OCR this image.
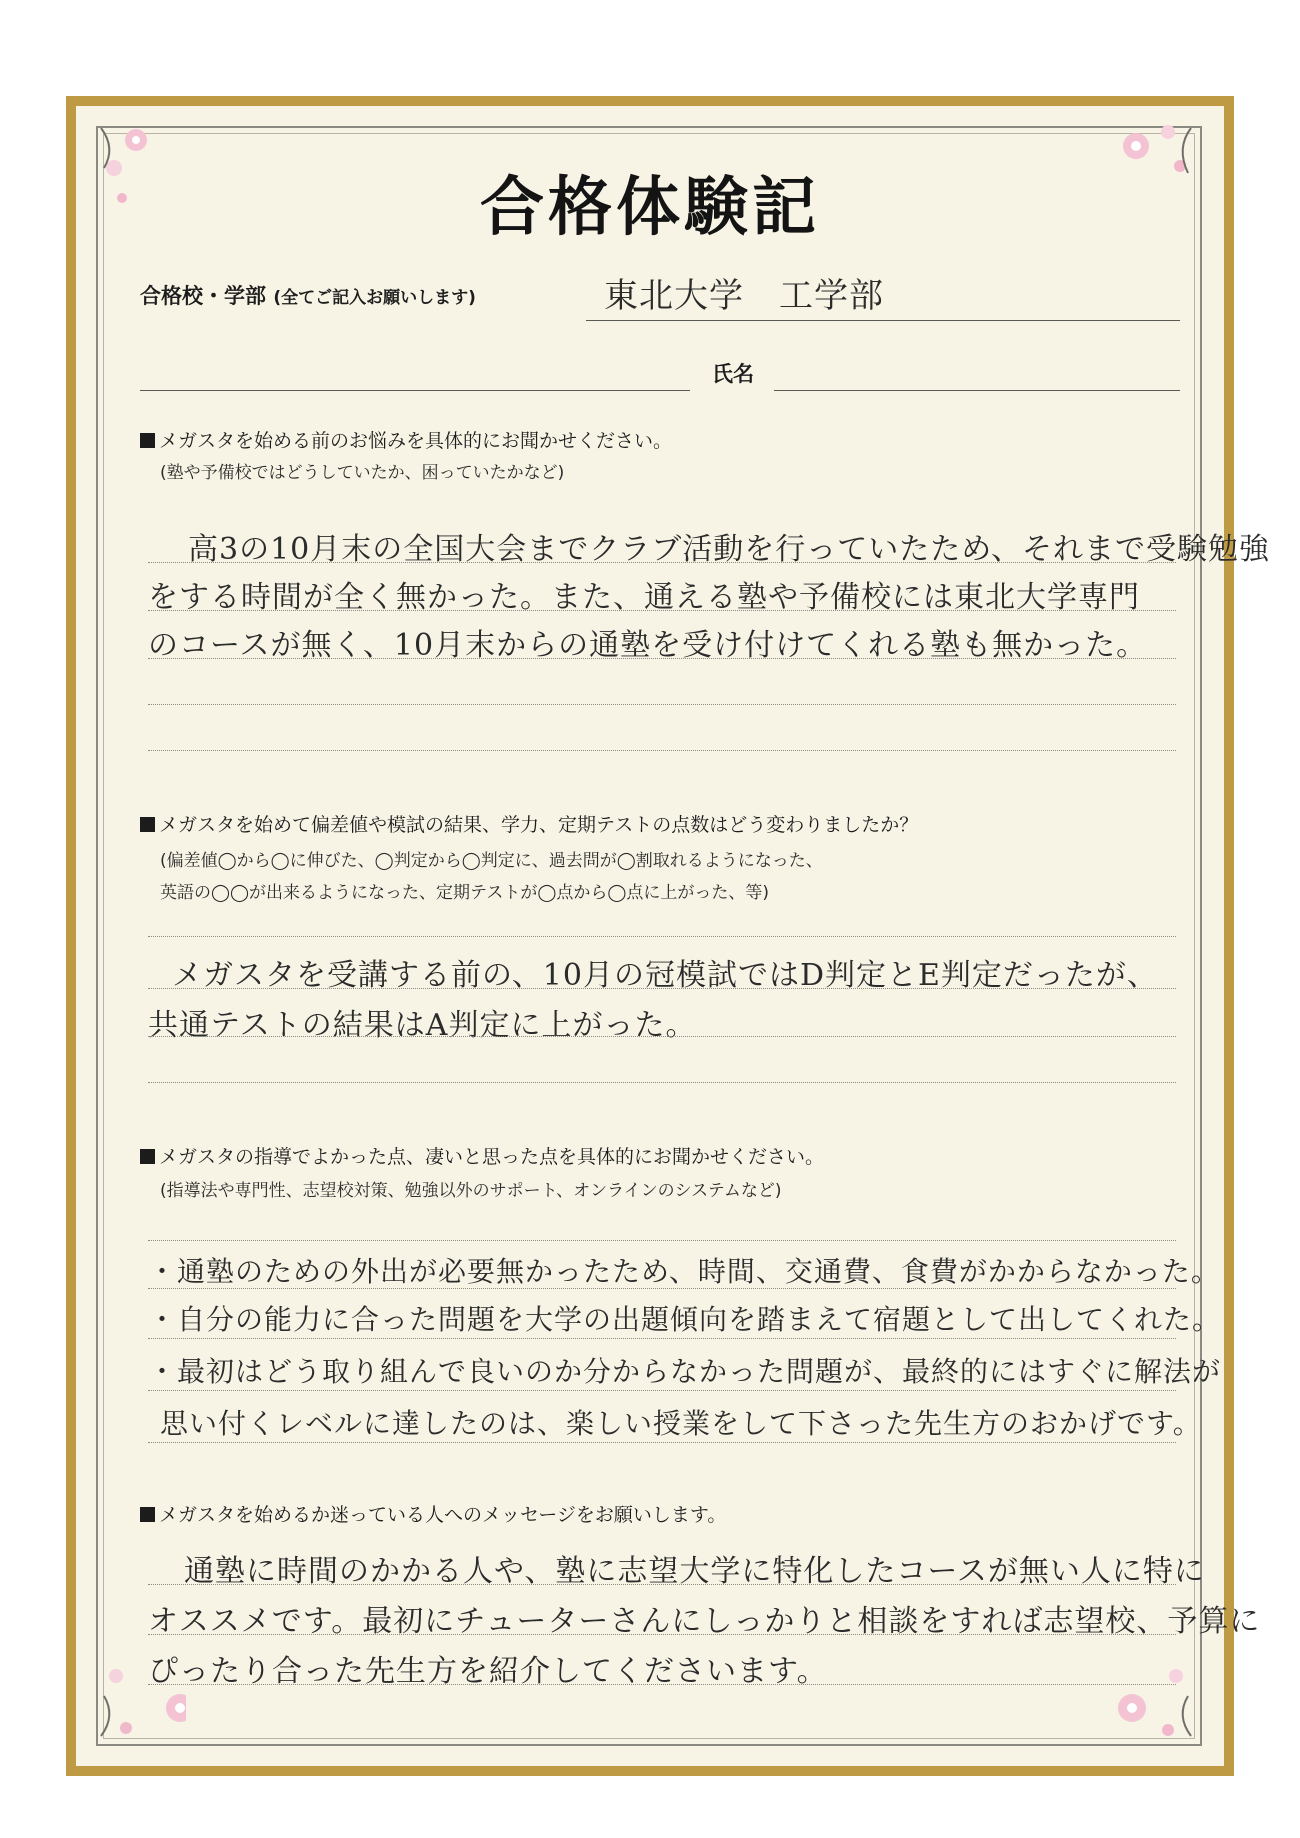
合格体験記
合格校・学部 (全てご記入お願いします)	東北大学　工学部
氏名
メガスタを始める前のお悩みを具体的にお聞かせください。
(塾や予備校ではどうしていたか、困っていたかなど)
高3の10月末の全国大会までクラブ活動を行っていたため、それまで受験勉強
をする時間が全く無かった。また、通える塾や予備校には東北大学専門
のコースが無く、10月末からの通塾を受け付けてくれる塾も無かった。
メガスタを始めて偏差値や模試の結果、学力、定期テストの点数はどう変わりましたか？
(偏差値◯から◯に伸びた、◯判定から◯判定に、過去問が◯割取れるようになった、
英語の◯◯が出来るようになった、定期テストが◯点から◯点に上がった、等)
メガスタを受講する前の、10月の冠模試ではD判定とE判定だったが、
共通テストの結果はA判定に上がった。
メガスタの指導でよかった点、凄いと思った点を具体的にお聞かせください。
(指導法や専門性、志望校対策、勉強以外のサポート、オンラインのシステムなど)
・通塾のための外出が必要無かったため、時間、交通費、食費がかからなかった。
・自分の能力に合った問題を大学の出題傾向を踏まえて宿題として出してくれた。
・最初はどう取り組んで良いのか分からなかった問題が、最終的にはすぐに解法が
思い付くレベルに達したのは、楽しい授業をして下さった先生方のおかげです。
メガスタを始めるか迷っている人へのメッセージをお願いします。
通塾に時間のかかる人や、塾に志望大学に特化したコースが無い人に特に
オススメです。最初にチューターさんにしっかりと相談をすれば志望校、予算に
ぴったり合った先生方を紹介してくださいます。
